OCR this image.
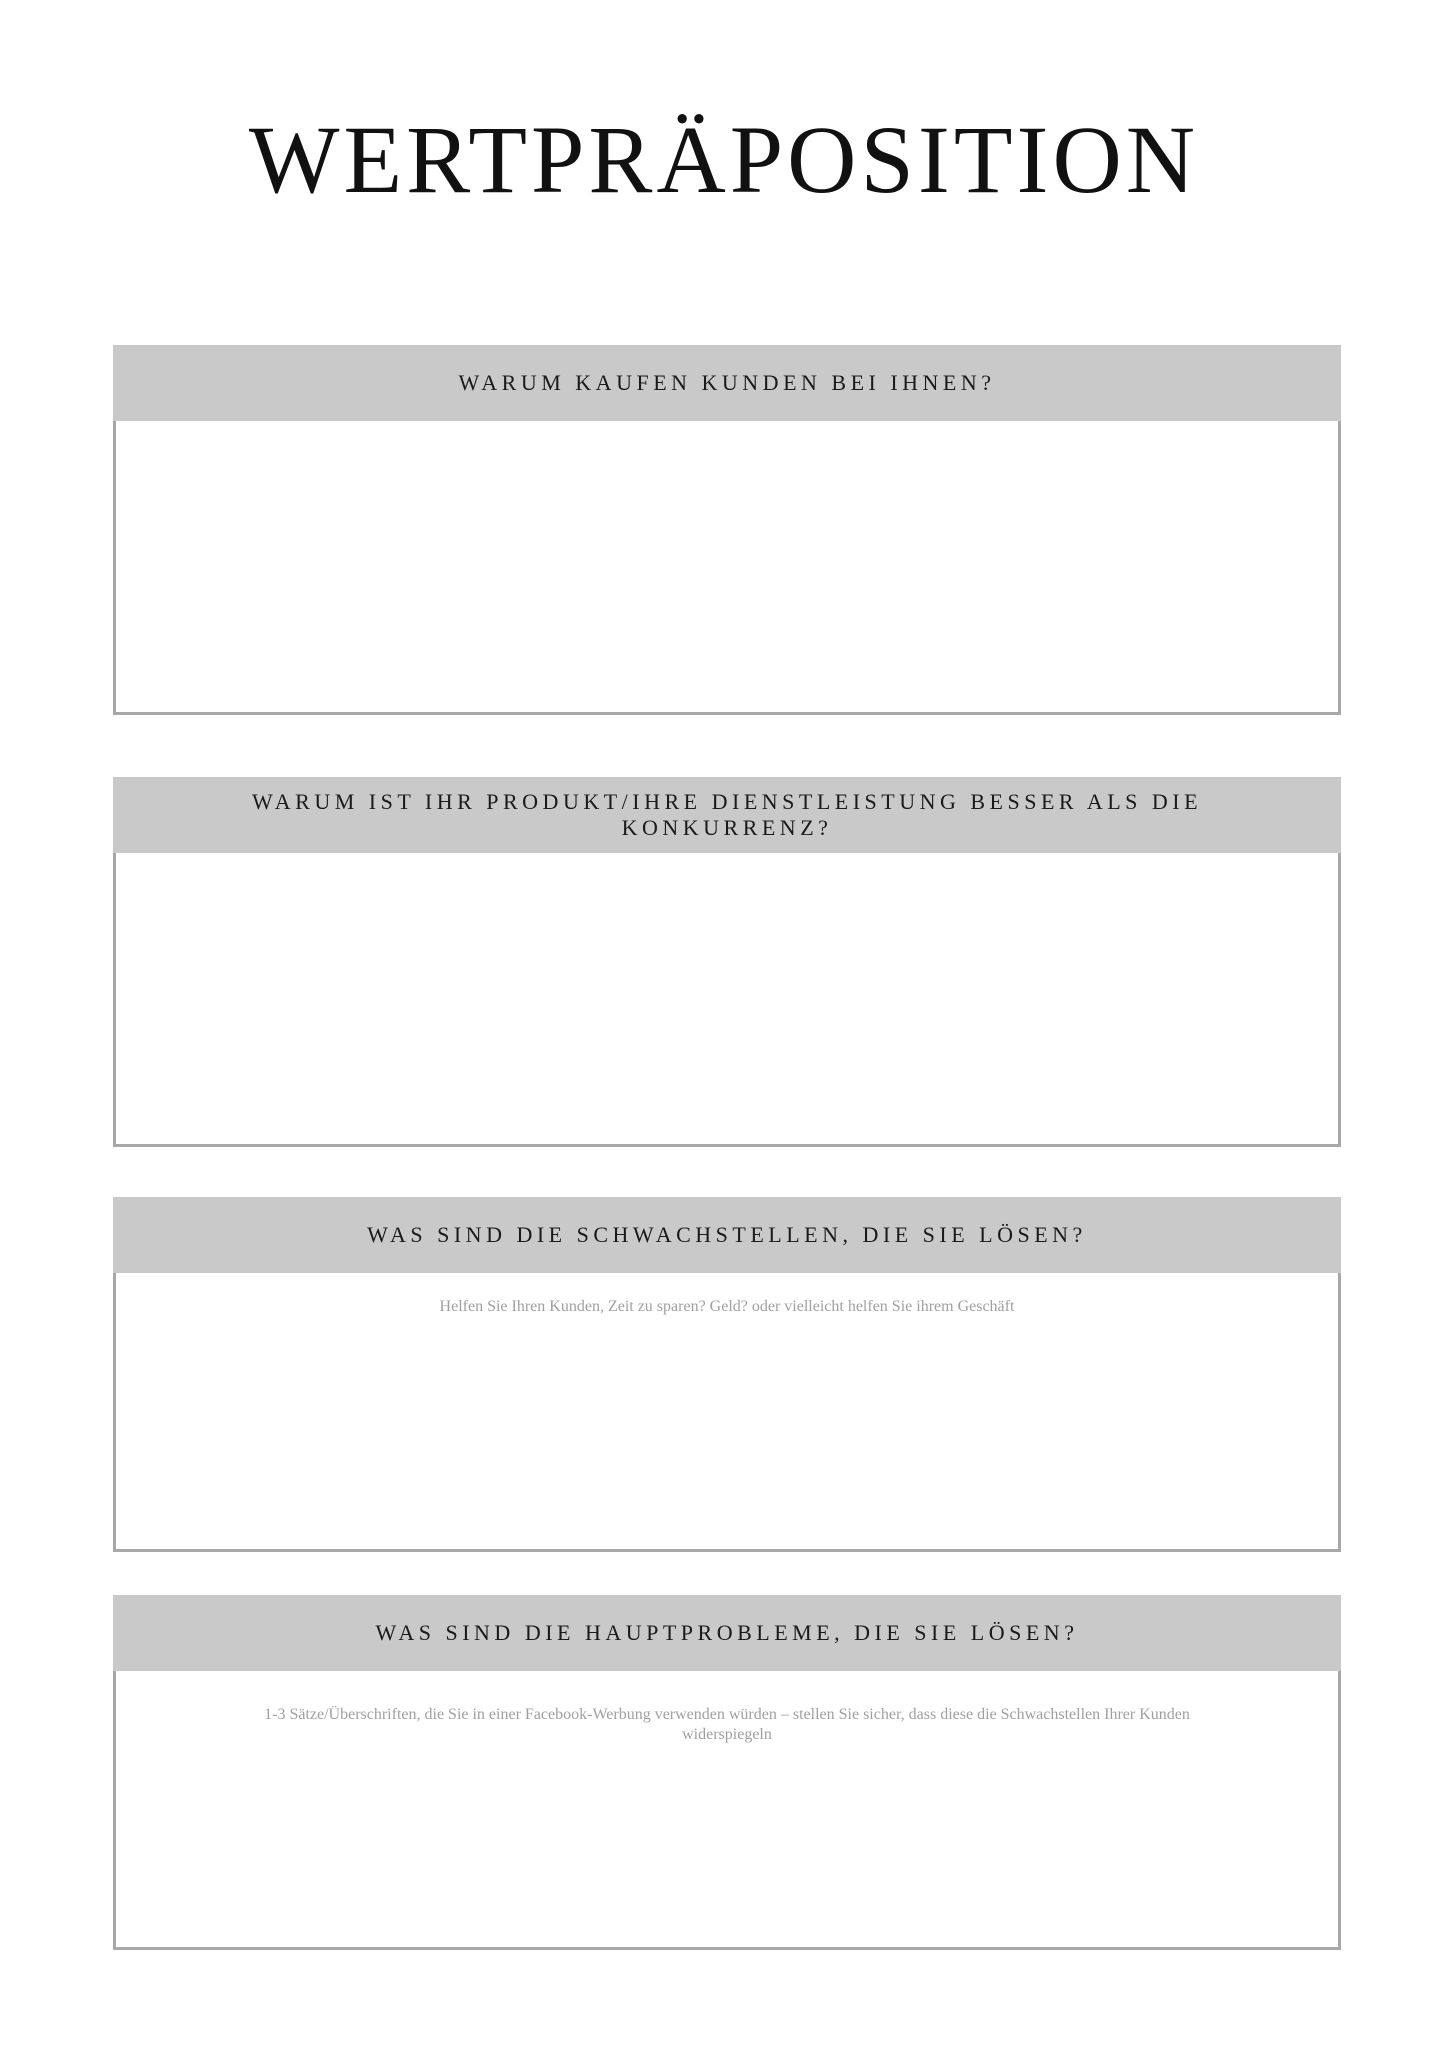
WERTPRÄPOSITION
WARUM KAUFEN KUNDEN BEI IHNEN?
WARUM IST IHR PRODUKT/IHRE DIENSTLEISTUNG BESSER ALS DIE KONKURRENZ?
WAS SIND DIE SCHWACHSTELLEN, DIE SIE LÖSEN?

Helfen Sie Ihren Kunden, Zeit zu sparen? Geld? oder vielleicht helfen Sie ihrem Geschäft

WAS SIND DIE HAUPTPROBLEME, DIE SIE LÖSEN?

1-3 Sätze/Überschriften, die Sie in einer Facebook-Werbung verwenden würden – stellen Sie sicher, dass diese die Schwachstellen Ihrer Kunden widerspiegeln
